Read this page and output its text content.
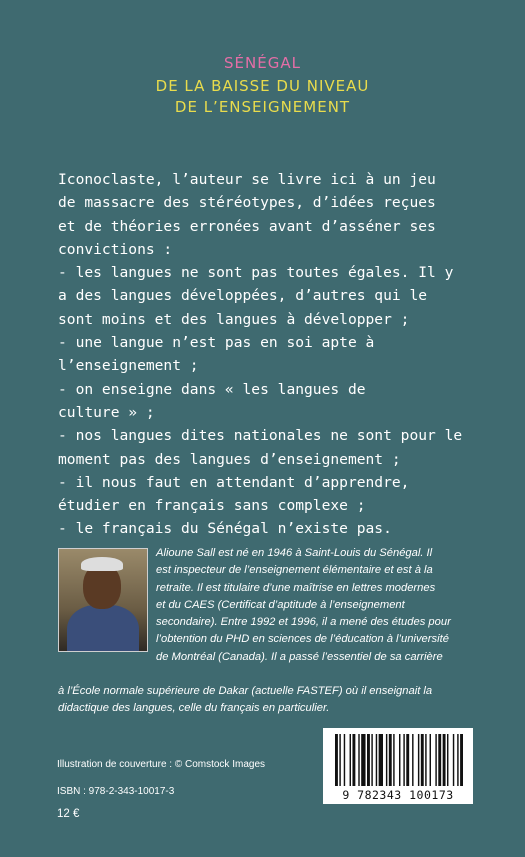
SÉNÉGAL
DE LA BAISSE DU NIVEAU
DE L’ENSEIGNEMENT
Iconoclaste, l’auteur se livre ici à un jeu
de massacre des stéréotypes, d’idées reçues
et de théories erronées avant d’asséner ses
convictions :
- les langues ne sont pas toutes égales. Il y
a des langues développées, d’autres qui le
sont moins et des langues à développer ;
- une langue n’est pas en soi apte à
l’enseignement ;
- on enseigne dans « les langues de
culture » ;
- nos langues dites nationales ne sont pour le
moment pas des langues d’enseignement ;
- il nous faut en attendant d’apprendre,
étudier en français sans complexe ;
- le français du Sénégal n’existe pas.
Alioune Sall est né en 1946 à Saint-Louis du Sénégal. Il
est inspecteur de l’enseignement élémentaire et est à la
retraite. Il est titulaire d’une maîtrise en lettres modernes
et du CAES (Certificat d’aptitude à l’enseignement
secondaire). Entre 1992 et 1996, il a mené des études pour
l’obtention du PHD en sciences de l’éducation à l’université
de Montréal (Canada). Il a passé l’essentiel de sa carrière
à l’École normale supérieure de Dakar (actuelle FASTEF) où il enseignait la
didactique des langues, celle du français en particulier.
Illustration de couverture : © Comstock Images
ISBN : 978-2-343-10017-3
12 €
9 782343 100173
